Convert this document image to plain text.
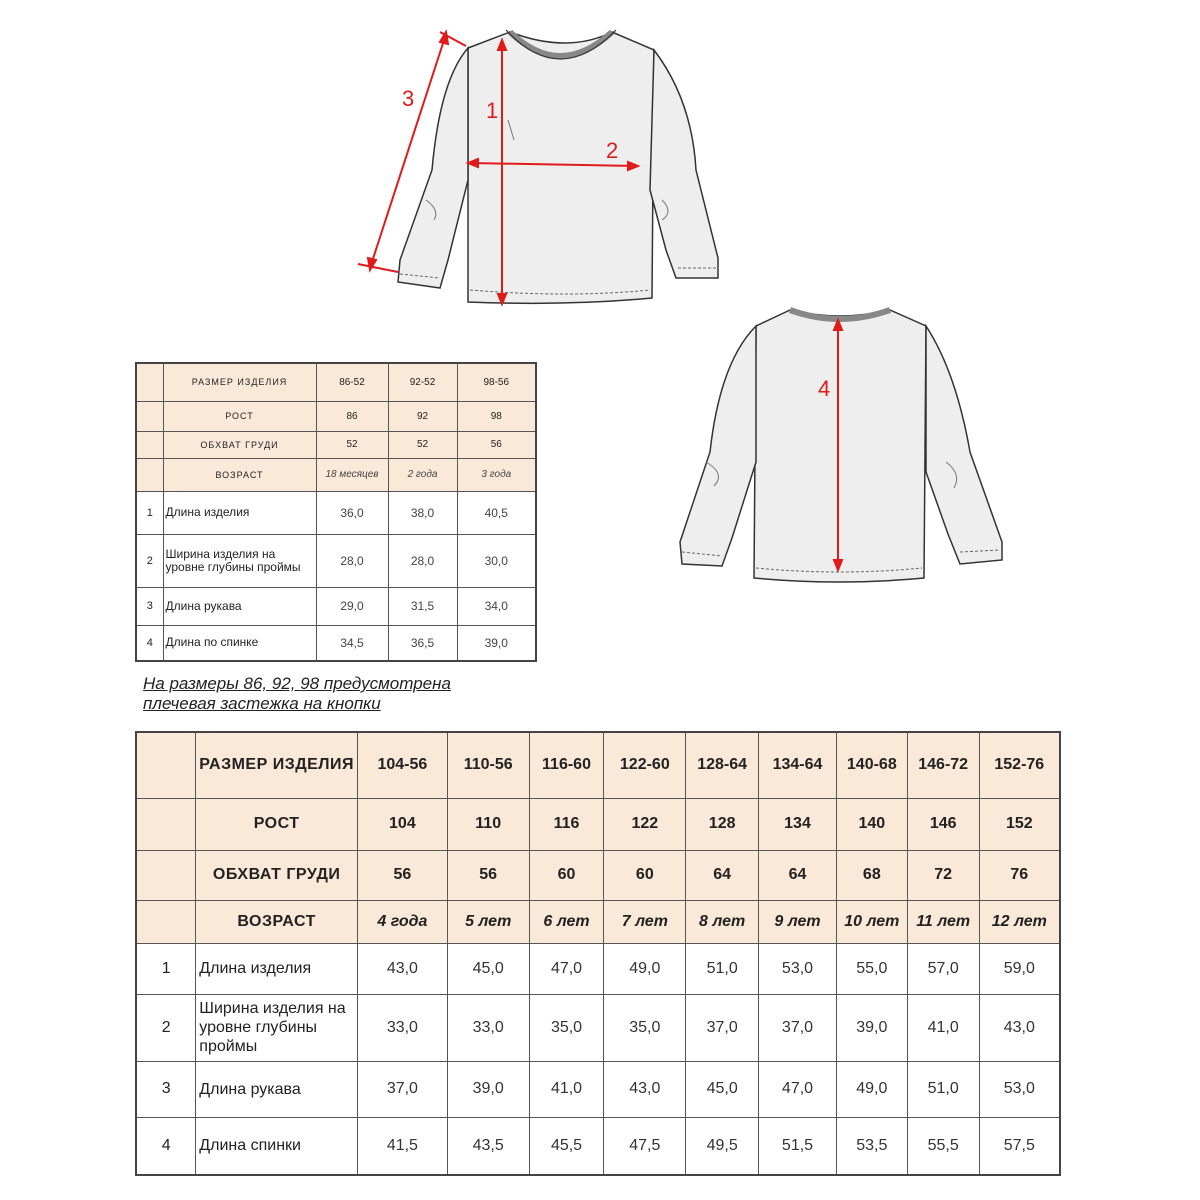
3	1
2
4
	РАЗМЕР ИЗДЕЛИЯ	86-52	92-52	98-56
	РОСТ	86	92	98
	ОБХВАТ ГРУДИ	52	52	56
	ВОЗРАСТ	18 месяцев	2 года	3 года
1	Длина изделия	36,0	38,0	40,5
2	Ширина изделия на уровне глубины проймы	28,0	28,0	30,0
3	Длина рукава	29,0	31,5	34,0
4	Длина по спинке	34,5	36,5	39,0
На размеры 86, 92, 98 предусмотрена
плечевая застежка на кнопки
	РАЗМЕР ИЗДЕЛИЯ	104-56	110-56	116-60	122-60	128-64	134-64	140-68	146-72	152-76
	РОСТ	104	110	116	122	128	134	140	146	152
	ОБХВАТ ГРУДИ	56	56	60	60	64	64	68	72	76
	ВОЗРАСТ	4 года	5 лет	6 лет	7 лет	8 лет	9 лет	10 лет	11 лет	12 лет
1	Длина изделия	43,0	45,0	47,0	49,0	51,0	53,0	55,0	57,0	59,0
2	Ширина изделия на уровне глубины проймы	33,0	33,0	35,0	35,0	37,0	37,0	39,0	41,0	43,0
3	Длина рукава	37,0	39,0	41,0	43,0	45,0	47,0	49,0	51,0	53,0
4	Длина спинки	41,5	43,5	45,5	47,5	49,5	51,5	53,5	55,5	57,5
